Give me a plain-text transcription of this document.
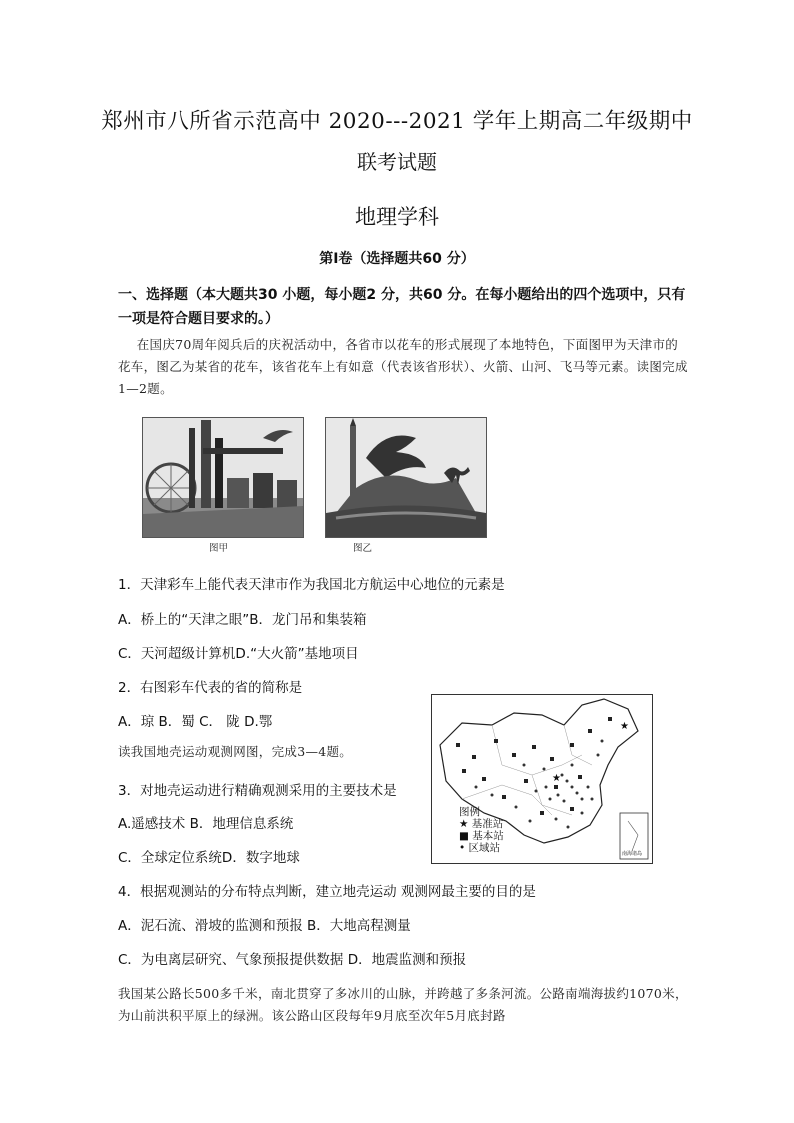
郑州市八所省示范高中 2020---2021 学年上期高二年级期中
联考试题
地理学科
第Ⅰ卷（选择题共60 分）
一、选择题（本大题共30 小题，每小题2 分，共60 分。在每小题给出的四个选项中，只有一项是符合题目要求的。）
在国庆70周年阅兵后的庆祝活动中，各省市以花车的形式展现了本地特色，下面图甲为天津市的花车，图乙为某省的花车，该省花车上有如意（代表该省形状）、火箭、山河、飞马等元素。读图完成1—2题。
图甲	图乙
1．天津彩车上能代表天津市作为我国北方航运中心地位的元素是
A．桥上的“天津之眼”B．龙门吊和集装箱
C．天河超级计算机D.“大火箭”基地项目
2．右图彩车代表的省的简称是
A．琼 B．蜀 C． 陇 D.鄂
读我国地壳运动观测网图，完成3—4题。
3．对地壳运动进行精确观测采用的主要技术是
A.遥感技术 B．地理信息系统
C．全球定位系统D．数字地球
★
★
图例
★ 基准站
■ 基本站
• 区域站	南海诸岛
4．根据观测站的分布特点判断，建立地壳运动 观测网最主要的目的是
A．泥石流、滑坡的监测和预报 B．大地高程测量
C．为电离层研究、气象预报提供数据 D．地震监测和预报
我国某公路长500多千米，南北贯穿了多冰川的山脉，并跨越了多条河流。公路南端海拔约1070米，为山前洪积平原上的绿洲。该公路山区段每年9月底至次年5月底封路
